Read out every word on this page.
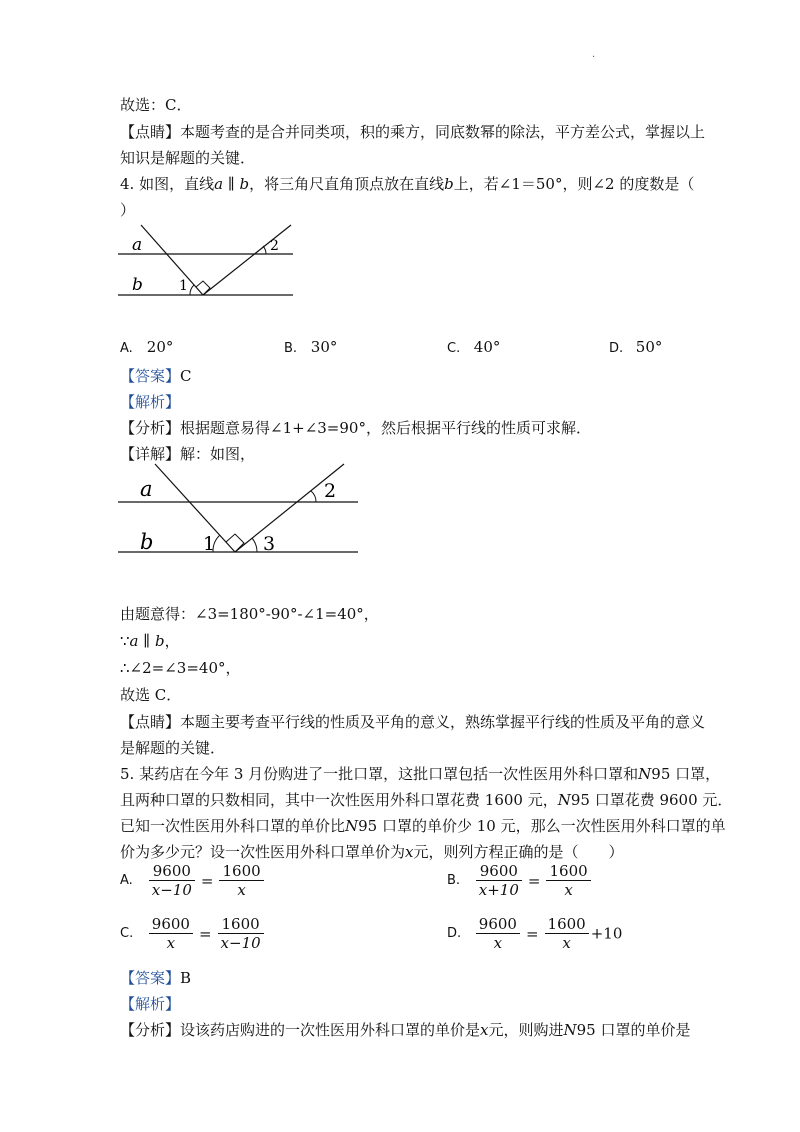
·
故选：C．
【点睛】本题考查的是合并同类项，积的乘方，同底数幂的除法，平方差公式，掌握以上
知识是解题的关键．
4. 如图，直线a ∥ b，将三角尺直角顶点放在直线b上，若∠1＝50°，则∠2 的度数是（
）
a
b	1
2
A. 20°	B. 30°	C. 40°	D. 50°
【答案】C
【解析】
【分析】根据题意易得∠1+∠3=90°，然后根据平行线的性质可求解．
【详解】解：如图，
a
b	1	3
2
由题意得：∠3=180°-90°-∠1=40°，
∵a ∥ b，
∴∠2=∠3=40°，
故选 C．
【点睛】本题主要考查平行线的性质及平角的意义，熟练掌握平行线的性质及平角的意义
是解题的关键．
5. 某药店在今年 3 月份购进了一批口罩，这批口罩包括一次性医用外科口罩和N95 口罩，
且两种口罩的只数相同，其中一次性医用外科口罩花费 1600 元，N95 口罩花费 9600 元．
已知一次性医用外科口罩的单价比N95 口罩的单价少 10 元，那么一次性医用外科口罩的单
价为多少元？设一次性医用外科口罩单价为x元，则列方程正确的是（　　）
A. $\frac{9600}{x-10} = \frac{1600}{x}$	B. $\frac{9600}{x+10} = \frac{1600}{x}$
C. $\frac{9600}{x} = \frac{1600}{x-10}$	D. $\frac{9600}{x} = \frac{1600}{x} +10$
【答案】B
【解析】
【分析】设该药店购进的一次性医用外科口罩的单价是x元，则购进N95 口罩的单价是
